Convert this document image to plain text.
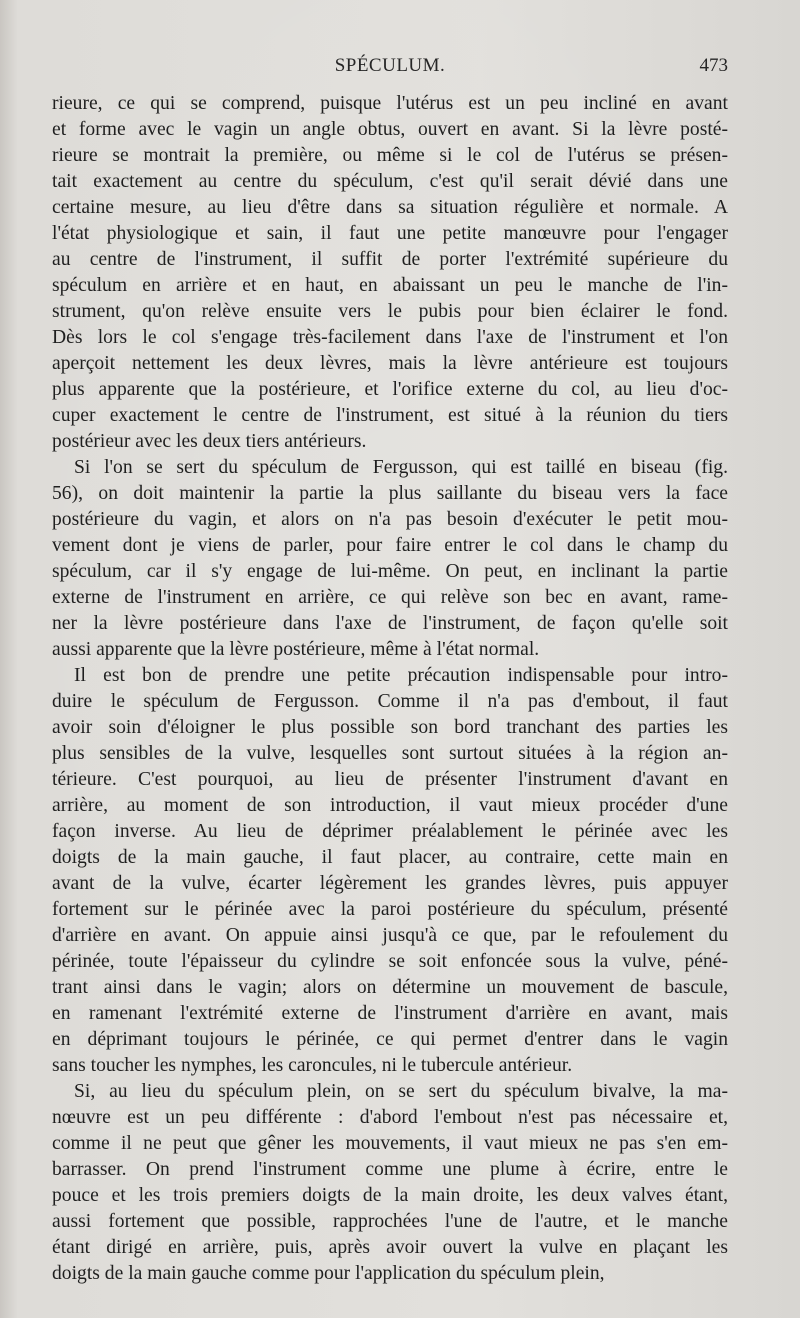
SPÉCULUM.	473
rieure, ce qui se comprend, puisque l'utérus est un peu incliné en avant
et forme avec le vagin un angle obtus, ouvert en avant. Si la lèvre posté-
rieure se montrait la première, ou même si le col de l'utérus se présen-
tait exactement au centre du spéculum, c'est qu'il serait dévié dans une
certaine mesure, au lieu d'être dans sa situation régulière et normale. A
l'état physiologique et sain, il faut une petite manœuvre pour l'engager
au centre de l'instrument, il suffit de porter l'extrémité supérieure du
spéculum en arrière et en haut, en abaissant un peu le manche de l'in-
strument, qu'on relève ensuite vers le pubis pour bien éclairer le fond.
Dès lors le col s'engage très-facilement dans l'axe de l'instrument et l'on
aperçoit nettement les deux lèvres, mais la lèvre antérieure est toujours
plus apparente que la postérieure, et l'orifice externe du col, au lieu d'oc-
cuper exactement le centre de l'instrument, est situé à la réunion du tiers
postérieur avec les deux tiers antérieurs.
Si l'on se sert du spéculum de Fergusson, qui est taillé en biseau (fig.
56), on doit maintenir la partie la plus saillante du biseau vers la face
postérieure du vagin, et alors on n'a pas besoin d'exécuter le petit mou-
vement dont je viens de parler, pour faire entrer le col dans le champ du
spéculum, car il s'y engage de lui-même. On peut, en inclinant la partie
externe de l'instrument en arrière, ce qui relève son bec en avant, rame-
ner la lèvre postérieure dans l'axe de l'instrument, de façon qu'elle soit
aussi apparente que la lèvre postérieure, même à l'état normal.
Il est bon de prendre une petite précaution indispensable pour intro-
duire le spéculum de Fergusson. Comme il n'a pas d'embout, il faut
avoir soin d'éloigner le plus possible son bord tranchant des parties les
plus sensibles de la vulve, lesquelles sont surtout situées à la région an-
térieure. C'est pourquoi, au lieu de présenter l'instrument d'avant en
arrière, au moment de son introduction, il vaut mieux procéder d'une
façon inverse. Au lieu de déprimer préalablement le périnée avec les
doigts de la main gauche, il faut placer, au contraire, cette main en
avant de la vulve, écarter légèrement les grandes lèvres, puis appuyer
fortement sur le périnée avec la paroi postérieure du spéculum, présenté
d'arrière en avant. On appuie ainsi jusqu'à ce que, par le refoulement du
périnée, toute l'épaisseur du cylindre se soit enfoncée sous la vulve, péné-
trant ainsi dans le vagin; alors on détermine un mouvement de bascule,
en ramenant l'extrémité externe de l'instrument d'arrière en avant, mais
en déprimant toujours le périnée, ce qui permet d'entrer dans le vagin
sans toucher les nymphes, les caroncules, ni le tubercule antérieur.
Si, au lieu du spéculum plein, on se sert du spéculum bivalve, la ma-
nœuvre est un peu différente : d'abord l'embout n'est pas nécessaire et,
comme il ne peut que gêner les mouvements, il vaut mieux ne pas s'en em-
barrasser. On prend l'instrument comme une plume à écrire, entre le
pouce et les trois premiers doigts de la main droite, les deux valves étant,
aussi fortement que possible, rapprochées l'une de l'autre, et le manche
étant dirigé en arrière, puis, après avoir ouvert la vulve en plaçant les
doigts de la main gauche comme pour l'application du spéculum plein,
